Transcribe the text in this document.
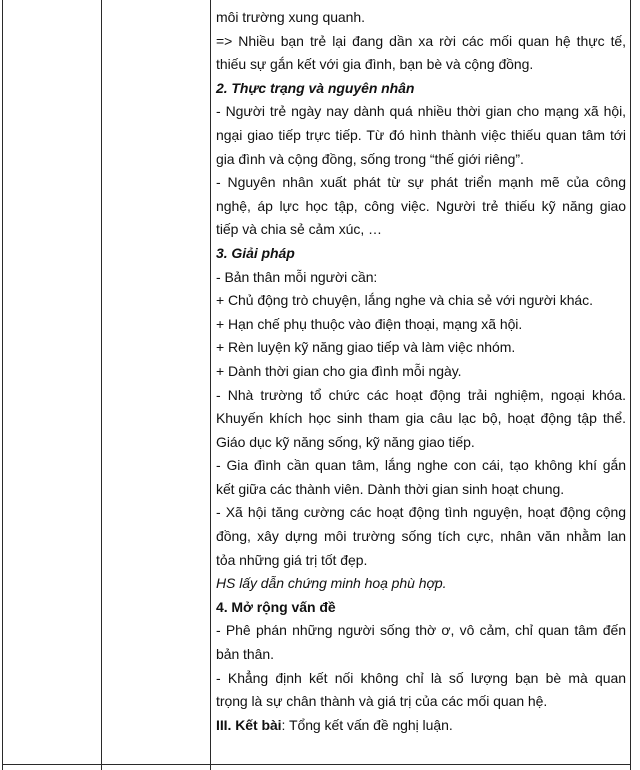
môi trường xung quanh.
=> Nhiều bạn trẻ lại đang dần xa rời các mối quan hệ thực tế,
thiếu sự gắn kết với gia đình, bạn bè và cộng đồng.
2. Thực trạng và nguyên nhân
- Người trẻ ngày nay dành quá nhiều thời gian cho mạng xã hội,
ngại giao tiếp trực tiếp. Từ đó hình thành việc thiếu quan tâm tới
gia đình và cộng đồng, sống trong “thế giới riêng”.
- Nguyên nhân xuất phát từ sự phát triển mạnh mẽ của công
nghệ, áp lực học tập, công việc. Người trẻ thiếu kỹ năng giao
tiếp và chia sẻ cảm xúc, …
3. Giải pháp
- Bản thân mỗi người cần:
+ Chủ động trò chuyện, lắng nghe và chia sẻ với người khác.
+ Hạn chế phụ thuộc vào điện thoại, mạng xã hội.
+ Rèn luyện kỹ năng giao tiếp và làm việc nhóm.
+ Dành thời gian cho gia đình mỗi ngày.
- Nhà trường tổ chức các hoạt động trải nghiệm, ngoại khóa.
Khuyến khích học sinh tham gia câu lạc bộ, hoạt động tập thể.
Giáo dục kỹ năng sống, kỹ năng giao tiếp.
- Gia đình cần quan tâm, lắng nghe con cái, tạo không khí gắn
kết giữa các thành viên. Dành thời gian sinh hoạt chung.
- Xã hội tăng cường các hoạt động tình nguyện, hoạt động cộng
đồng, xây dựng môi trường sống tích cực, nhân văn nhằm lan
tỏa những giá trị tốt đẹp.
HS lấy dẫn chứng minh hoạ phù hợp.
4. Mở rộng vấn đề
- Phê phán những người sống thờ ơ, vô cảm, chỉ quan tâm đến
bản thân.
- Khẳng định kết nối không chỉ là số lượng bạn bè mà quan
trọng là sự chân thành và giá trị của các mối quan hệ.
III. Kết bài: Tổng kết vấn đề nghị luận.
